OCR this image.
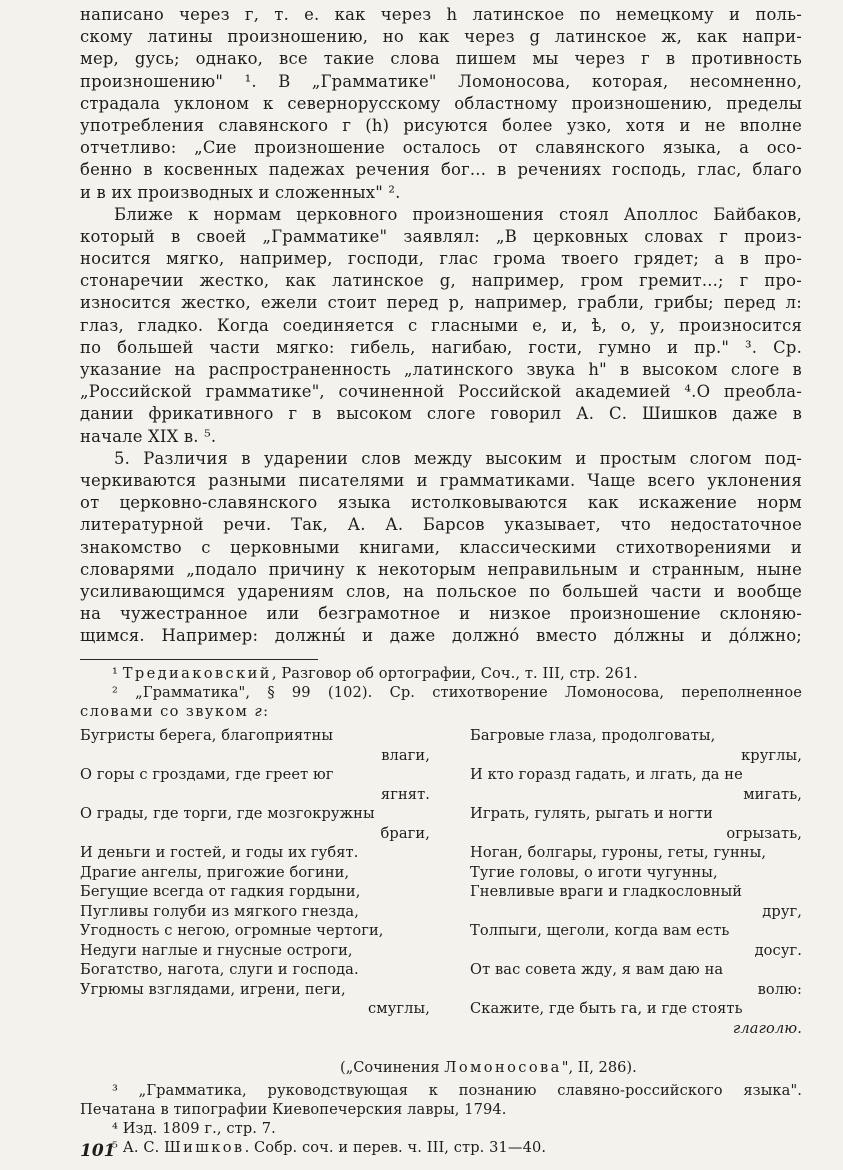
написано через г, т. е. как через h латинское по немецкому и поль-
скому латины произношению, но как через g латинское ж, как напри-
мер, gусь; однако, все такие слова пишем мы через г в противность
произношению" ¹. В „Грамматике" Ломоносова, которая, несомненно,
страдала уклоном к севернорусскому областному произношению, пределы
употребления славянского г (h) рисуются более узко, хотя и не вполне
отчетливо: „Сие произношение осталось от славянского языка, а осо-
бенно в косвенных падежах речения бог... в речениях господь, глас, благо
и в их производных и сложенных" ².
Ближе к нормам церковного произношения стоял Аполлос Байбаков,
который в своей „Грамматике" заявлял: „В церковных словах г произ-
носится мягко, например, господи, глас грома твоего грядет; а в про-
стонаречии жестко, как латинское g, например, гром гремит...; г про-
износится жестко, ежели стоит перед р, например, грабли, грибы; перед л:
глаз, гладко. Когда соединяется с гласными е, и, ѣ, о, у, произносится
по большей части мягко: гибель, нагибаю, гости, гумно и пр." ³. Ср.
указание на распространенность „латинского звука h" в высоком слоге в
„Российской грамматике", сочиненной Российской академией ⁴.О преобла-
дании фрикативного г в высоком слоге говорил А. С. Шишков даже в
начале XIX в. ⁵.
5. Различия в ударении слов между высоким и простым слогом под-
черкиваются разными писателями и грамматиками. Чаще всего уклонения
от церковно-славянского языка истолковываются как искажение норм
литературной речи. Так, А. А. Барсов указывает, что недостаточное
знакомство с церковными книгами, классическими стихотворениями и
словарями „подало причину к некоторым неправильным и странным, ныне
усиливающимся ударениям слов, на польское по большей части и вообще
на чужестранное или безграмотное и низкое произношение склоняю-
щимся. Например: должны́ и даже должно́ вместо до́лжны и до́лжно;
¹ Тредиаковский, Разговор об ортографии, Соч., т. III, стр. 261.
² „Грамматика", § 99 (102). Ср. стихотворение Ломоносова, переполненное
словами со звуком г:
Бугристы берега, благоприятны
влаги,
О горы с гроздами, где греет юг
ягнят.
О грады, где торги, где мозгокружны
браги,
И деньги и гостей, и годы их губят.
Драгие ангелы, пригожие богини,
Бегущие всегда от гадкия гордыни,
Пугливы голуби из мягкого гнезда,
Угодность с негою, огромные чертоги,
Недуги наглые и гнусные остроги,
Богатство, нагота, слуги и господа.
Угрюмы взглядами, игрени, пеги,
смуглы,
Багровые глаза, продолговаты,
круглы,
И кто горазд гадать, и лгать, да не
мигать,
Играть, гулять, рыгать и ногти
огрызать,
Ноган, болгары, гуроны, геты, гунны,
Тугие головы, о иготи чугунны,
Гневливые враги и гладкословный
друг,
Толпыги, щеголи, когда вам есть
досуг.
От вас совета жду, я вам даю на
волю:
Скажите, где быть га, и где стоять
глаголю.
(„Сочинения Ломоносова", II, 286).
³ „Грамматика, руководствующая к познанию славяно-российского языка".
Печатана в типографии Киевопечерския лавры, 1794.
⁴ Изд. 1809 г., стр. 7.
⁵ А. С. Шишков. Собр. соч. и перев. ч. III, стр. 31—40.
101
